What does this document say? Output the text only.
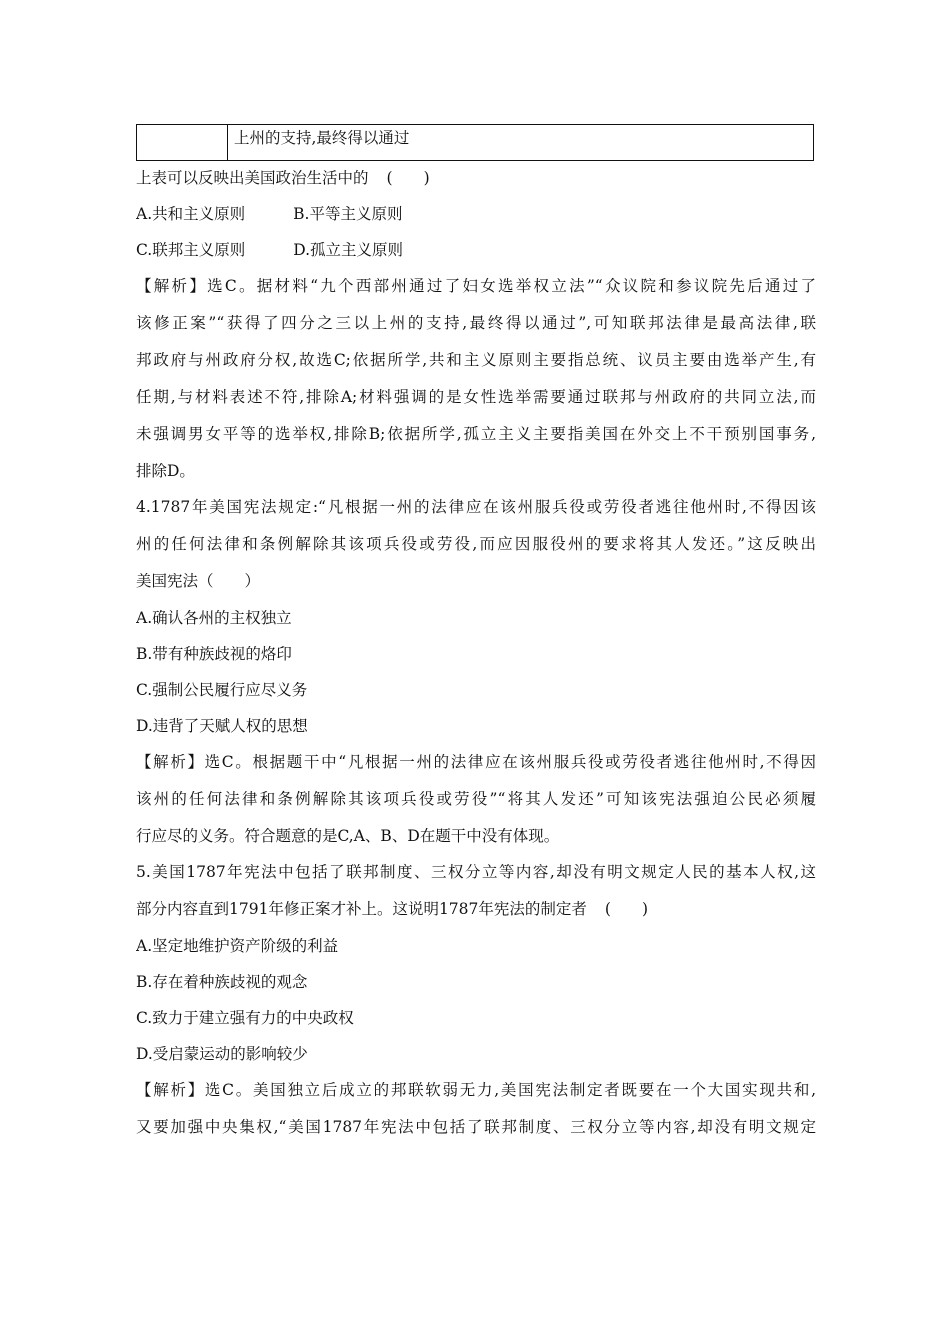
上州的支持,最终得以通过
上表可以反映出美国政治生活中的 (　　)
A.共和主义原则	B.平等主义原则
C.联邦主义原则	D.孤立主义原则
【解析】选C。据材料“九个西部州通过了妇女选举权立法”“众议院和参议院先后通过了
该修正案”“获得了四分之三以上州的支持,最终得以通过”,可知联邦法律是最高法律,联
邦政府与州政府分权,故选C;依据所学,共和主义原则主要指总统、议员主要由选举产生,有
任期,与材料表述不符,排除A;材料强调的是女性选举需要通过联邦与州政府的共同立法,而
未强调男女平等的选举权,排除B;依据所学,孤立主义主要指美国在外交上不干预别国事务,
排除D。
4.1787年美国宪法规定:“凡根据一州的法律应在该州服兵役或劳役者逃往他州时,不得因该
州的任何法律和条例解除其该项兵役或劳役,而应因服役州的要求将其人发还。”这反映出
美国宪法（　　）
A.确认各州的主权独立
B.带有种族歧视的烙印
C.强制公民履行应尽义务
D.违背了天赋人权的思想
【解析】选C。根据题干中“凡根据一州的法律应在该州服兵役或劳役者逃往他州时,不得因
该州的任何法律和条例解除其该项兵役或劳役”“将其人发还”可知该宪法强迫公民必须履
行应尽的义务。符合题意的是C,A、B、D在题干中没有体现。
5.美国1787年宪法中包括了联邦制度、三权分立等内容,却没有明文规定人民的基本人权,这
部分内容直到1791年修正案才补上。这说明1787年宪法的制定者 (　　)
A.坚定地维护资产阶级的利益
B.存在着种族歧视的观念
C.致力于建立强有力的中央政权
D.受启蒙运动的影响较少
【解析】选C。美国独立后成立的邦联软弱无力,美国宪法制定者既要在一个大国实现共和,
又要加强中央集权,“美国1787年宪法中包括了联邦制度、三权分立等内容,却没有明文规定
